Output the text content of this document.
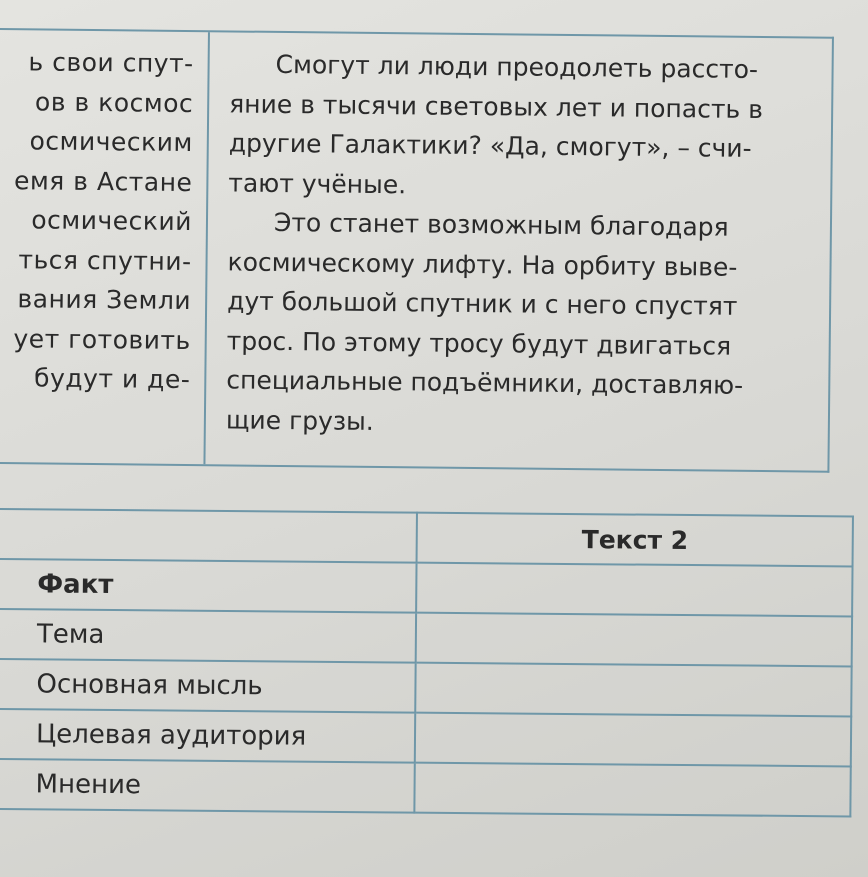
ь свои спут-
ов в космос
осмическим
емя в Астане
осмический
ться спутни-
вания Земли
ует готовить
будут и де-
Смогут ли люди преодолеть рассто-
яние в тысячи световых лет и попасть в
другие Галактики? «Да, смогут», – счи-
тают учёные.
Это станет возможным благодаря
космическому лифту. На орбиту выве-
дут большой спутник и с него спустят
трос. По этому тросу будут двигаться
специальные подъёмники, доставляю-
щие грузы.
	Текст 2
Факт	
Тема	
Основная мысль	
Целевая аудитория	
Мнение	
